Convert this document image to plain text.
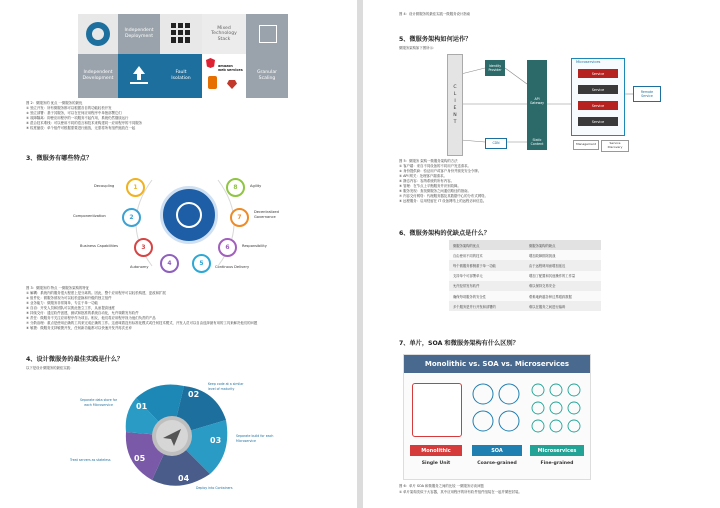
Independent
Deployment
Mixed
Technology
Stack
Independent
Development
Fault
Isolation
amazon
web services
Granular
Scaling
图 2：微服务的 优点 一微服务的最优
① 独立开发：所有微服务都可以根据各自的功能轻松开发
② 独立部署：基于其服务，可以在任何应用程序中单独部署它们
③ 故障隔离：即使应用程序的一项服务不起作用，系统仍然继续运行
④ 混合技术堆栈：可以使用不同的语言和技术来构建同一应用程序的不同服务
⑤ 粒度缩放：单个组件可根据需要进行缩放，无需将所有组件缩放在一起
3、微服务有哪些特点？
1
2
3
4	5
6
7
8
Decoupling
Componentization
Business Capabilities
Autonomy	Continous Delivery
Responsibility
Decentralized
Governance
Agility
图 3：微服务的 特点 一微服务架构的特征
① 解耦：系统内的服务很大程度上是分离的。因此，整个应用程序可以轻松构建，更改和扩展
② 组件化：微服务被视为可以轻松更换和升级的独立组件
③ 业务能力：微服务非常简单，专注于单一功能
④ 自治：开发人员和团队可以彼此独立工作，从而提高速度
⑤ 持续交付：通过软件创建，测试和批准的系统自动化，允许频繁发布软件
⑥ 责任：微服务不关注应用程序作为项目。相反，他们将应用程序视为他们负责的产品
⑦ 分散治理：重点是使用正确的工具来完成正确的工作。这意味着没有标准化模式或任何技术模式，开发人员可以自由选择最有用的工具来解决他们的问题
⑧ 敏捷：微服务支持敏捷开发，任何新功能都可以快速开发并再次丢弃
4、设计微服务的最佳实践是什么？
以下是设计微服务的最佳实践：
01
02
03
04
05
Separate data store for
each Microservice
Keep code at a similar
level of maturity
Separate build for each
Microservice
Deploy into Containers
Treat servers as stateless
图 4：设计微服务的最佳实践一微服务设计指南
5、微服务架构如何运作？
微服务架构如下图所示：
C
L
I
E
N
T
Identity
Provider
API
Gateway
CDN
Static
Content
Microservices
Service
Service
Service
Service
Remote
Service
Management	Service
Discovery
图 5：微服务 架构一微服务架构的方法
① 客户端：来自不同设备的不同用户发送请求。
② 身份提供商：验证用户或客户身份并颁发安全令牌。
③ API 网关：处理客户端请求。
④ 静态内容：容纳系统的所有内容。
⑤ 管理：在节点上平衡服务并识别故障。
⑥ 服务发现：查找微服务之间通信路径的指南。
⑦ 内容交付网络：代理服务器及其数据中心的分布式网络。
⑧ 远程服务：启用驻留在 IT 设备网络上的远程访问信息。
6、微服务架构的优缺点是什么？
微服务架构的优点	微服务架构的缺点
自由使用不同的技术	增加故障排除挑战
每个微服务都侧重于单一功能	由于远程调用而增加延迟
支持单个可部署单元	增加了配置和其他操作的工作量
允许经常发布软件	难以保持交易安全
确保每项服务的安全性	艰难地跨越各种边界跟踪数据
多个服务是并行开发和部署的	难以在服务之间进行编码
7、单片，SOA 和微服务架构有什么区别？
Monolithic vs. SOA vs. Microservices
Monolithic	SOA	Microservices
Single Unit	Coarse-grained	Fine-grained
图 6：单片 SOA 和微服务之间的比较 一微服务访谈问题
① 单片架构类似于大容器，其中应用程序的所有软件组件组装在一起并紧密封装。
